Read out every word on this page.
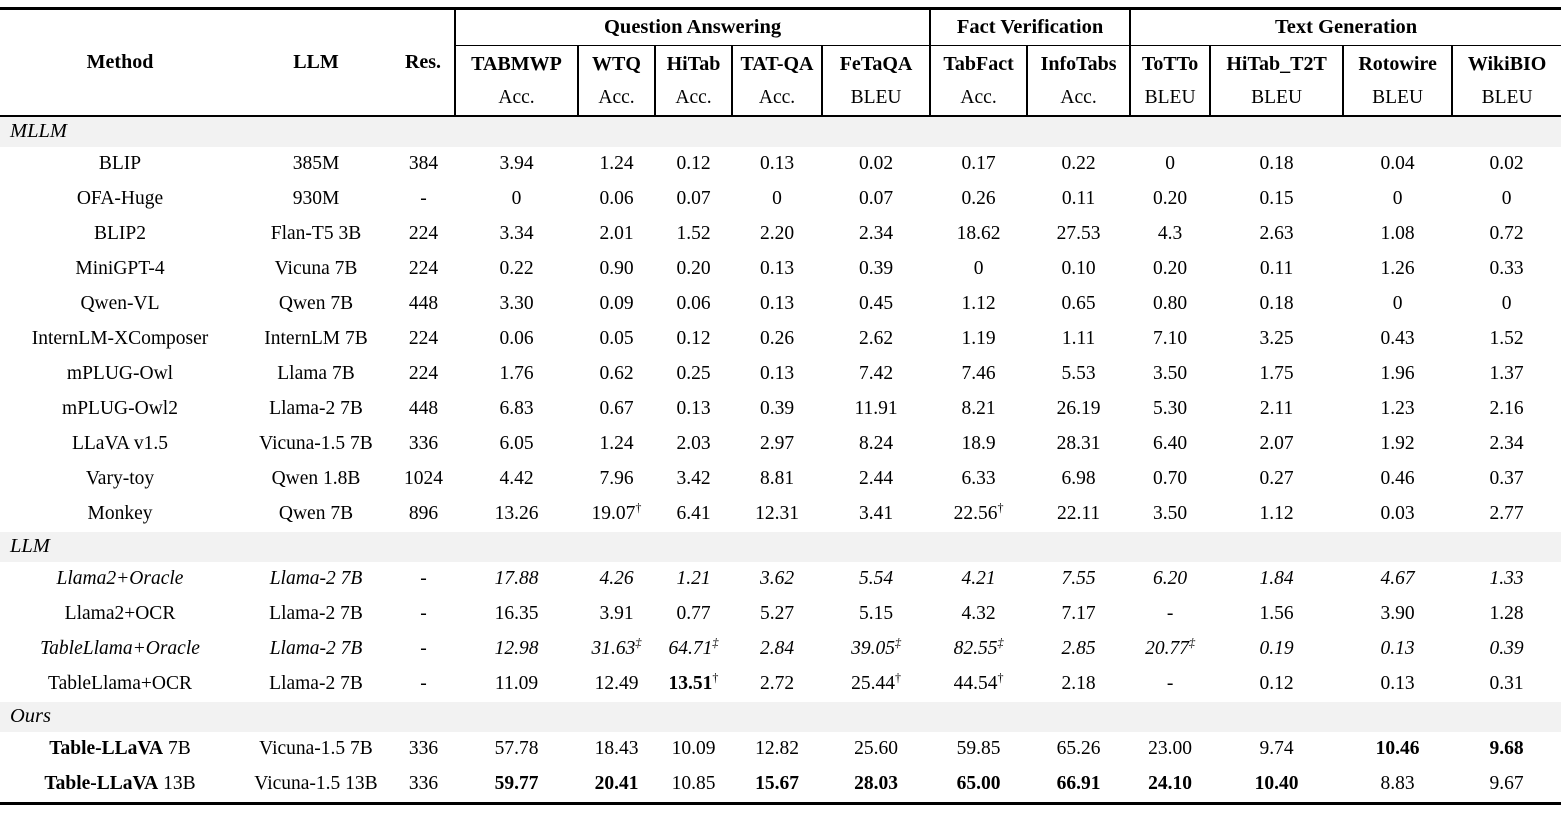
Method	LLM	Res.	Question Answering					Fact Verification		Text Generation			
			TABMWP	WTQ	HiTab	TAT-QA	FeTaQA	TabFact	InfoTabs	ToTTo	HiTab_T2T	Rotowire	WikiBIO
			Acc.	Acc.	Acc.	Acc.	BLEU	Acc.	Acc.	BLEU	BLEU	BLEU	BLEU
MLLM													
BLIP	385M	384	3.94	1.24	0.12	0.13	0.02	0.17	0.22	0	0.18	0.04	0.02
OFA-Huge	930M	-	0	0.06	0.07	0	0.07	0.26	0.11	0.20	0.15	0	0
BLIP2	Flan-T5 3B	224	3.34	2.01	1.52	2.20	2.34	18.62	27.53	4.3	2.63	1.08	0.72
MiniGPT-4	Vicuna 7B	224	0.22	0.90	0.20	0.13	0.39	0	0.10	0.20	0.11	1.26	0.33
Qwen-VL	Qwen 7B	448	3.30	0.09	0.06	0.13	0.45	1.12	0.65	0.80	0.18	0	0
InternLM-XComposer	InternLM 7B	224	0.06	0.05	0.12	0.26	2.62	1.19	1.11	7.10	3.25	0.43	1.52
mPLUG-Owl	Llama 7B	224	1.76	0.62	0.25	0.13	7.42	7.46	5.53	3.50	1.75	1.96	1.37
mPLUG-Owl2	Llama-2 7B	448	6.83	0.67	0.13	0.39	11.91	8.21	26.19	5.30	2.11	1.23	2.16
LLaVA v1.5	Vicuna-1.5 7B	336	6.05	1.24	2.03	2.97	8.24	18.9	28.31	6.40	2.07	1.92	2.34
Vary-toy	Qwen 1.8B	1024	4.42	7.96	3.42	8.81	2.44	6.33	6.98	0.70	0.27	0.46	0.37
Monkey	Qwen 7B	896	13.26	19.07†	6.41	12.31	3.41	22.56†	22.11	3.50	1.12	0.03	2.77
LLM													
Llama2+Oracle	Llama-2 7B	-	17.88	4.26	1.21	3.62	5.54	4.21	7.55	6.20	1.84	4.67	1.33
Llama2+OCR	Llama-2 7B	-	16.35	3.91	0.77	5.27	5.15	4.32	7.17	-	1.56	3.90	1.28
TableLlama+Oracle	Llama-2 7B	-	12.98	31.63‡	64.71‡	2.84	39.05‡	82.55‡	2.85	20.77‡	0.19	0.13	0.39
TableLlama+OCR	Llama-2 7B	-	11.09	12.49	13.51†	2.72	25.44†	44.54†	2.18	-	0.12	0.13	0.31
Ours													
Table-LLaVA 7B	Vicuna-1.5 7B	336	57.78	18.43	10.09	12.82	25.60	59.85	65.26	23.00	9.74	10.46	9.68
Table-LLaVA 13B	Vicuna-1.5 13B	336	59.77	20.41	10.85	15.67	28.03	65.00	66.91	24.10	10.40	8.83	9.67
